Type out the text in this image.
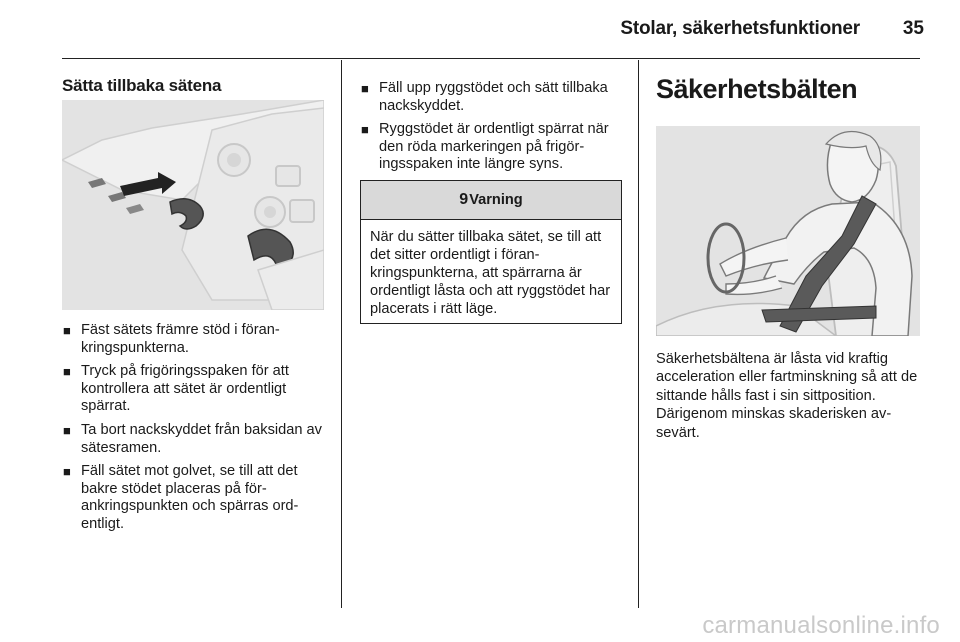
Stolar, säkerhetsfunktioner 35
Sätta tillbaka sätena
■ Fäst sätets främre stöd i föran-kringspunkterna.
■ Tryck på frigöringsspaken för att kontrollera att sätet är ordentligt spärrat.
■ Ta bort nackskyddet från baksidan av sätesramen.
■ Fäll sätet mot golvet, se till att det bakre stödet placeras på för-ankringspunkten och spärras ord-entligt.
■ Fäll upp ryggstödet och sätt tillbaka nackskyddet.
■ Ryggstödet är ordentligt spärrat när den röda markeringen på frigör-ingsspaken inte längre syns.
9 Varning
När du sätter tillbaka sätet, se till att det sitter ordentligt i föran-kringspunkterna, att spärrarna är ordentligt låsta och att ryggstödet har placerats i rätt läge.
Säkerhetsbälten
Säkerhetsbältena är låsta vid kraftig acceleration eller fartminskning så att de sittande hålls fast i sin sittposition. Därigenom minskas skaderisken av-sevärt.
carmanualsonline.info
